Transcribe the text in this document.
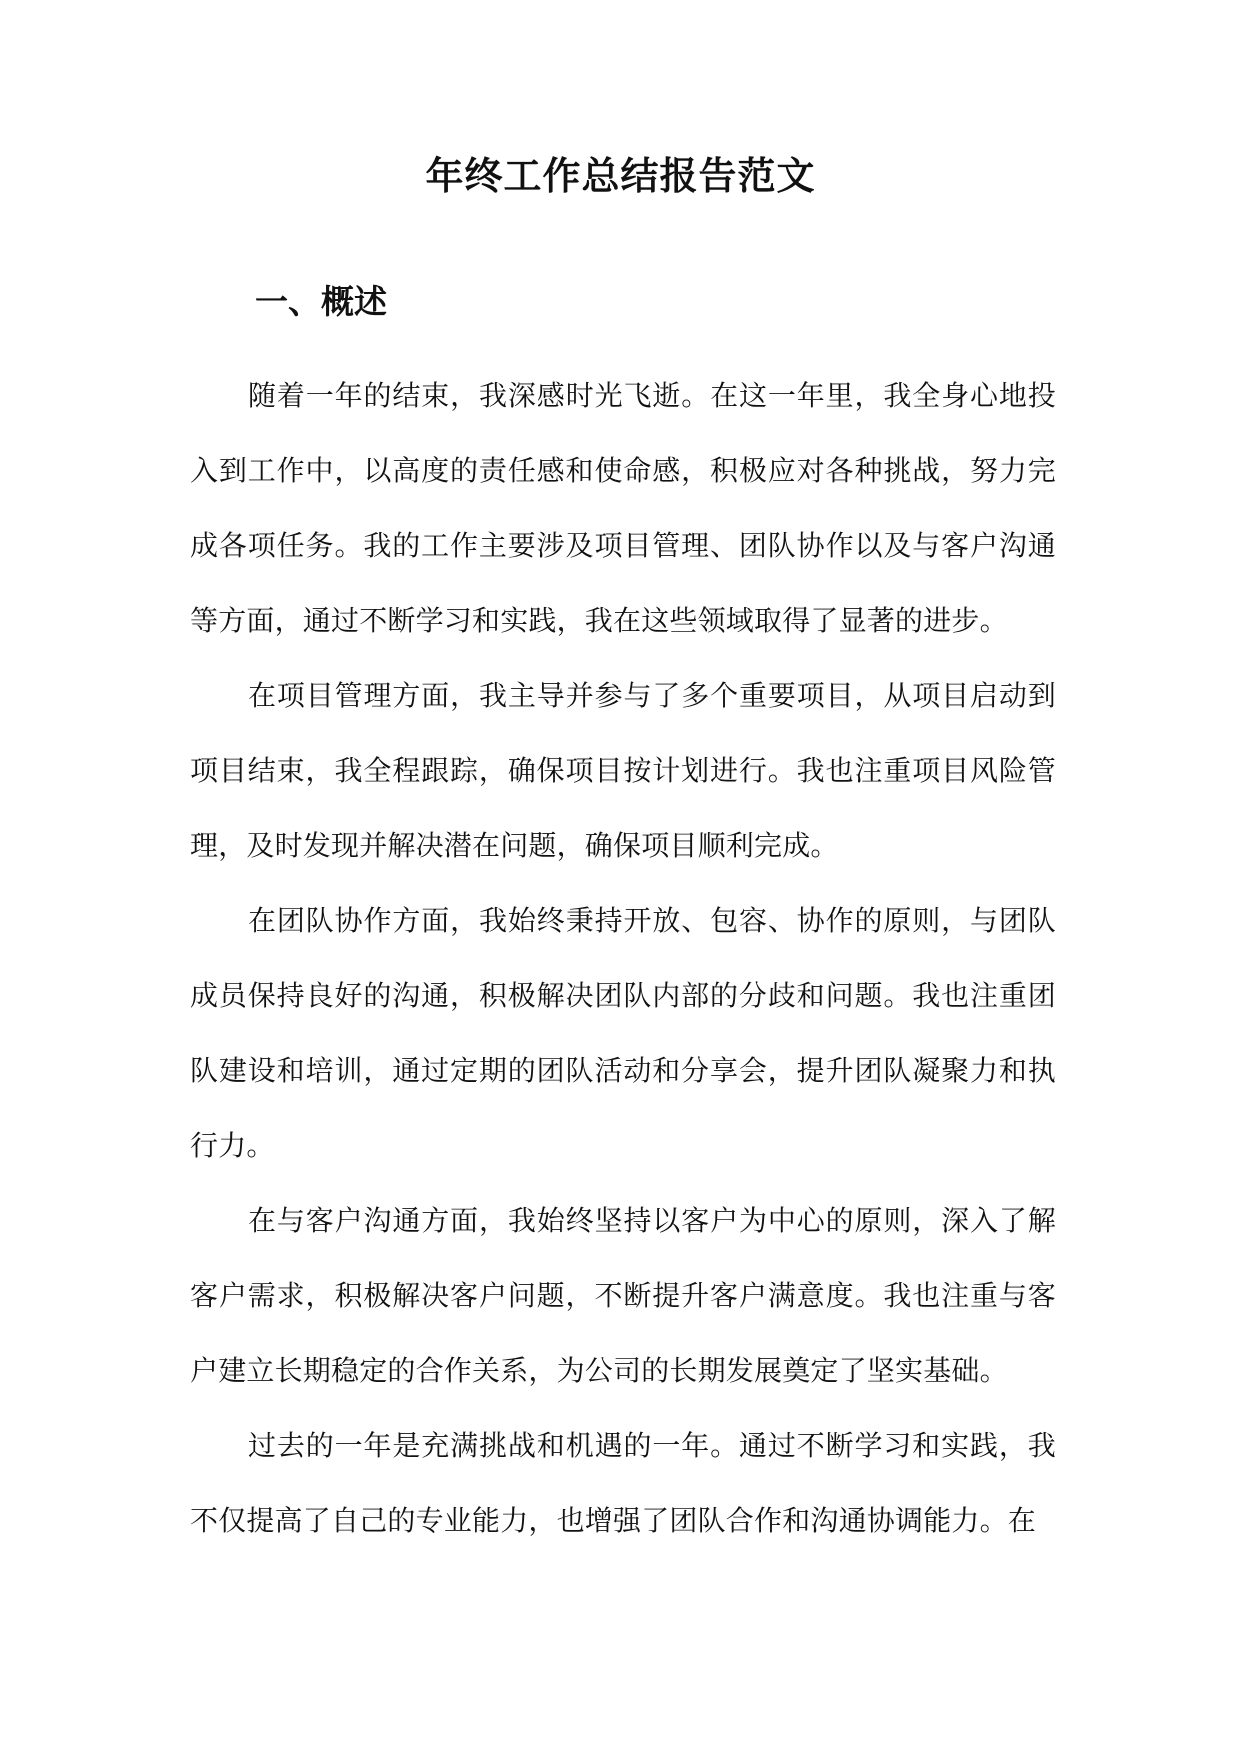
年终工作总结报告范文
一、概述

随着一年的结束，我深感时光飞逝。在这一年里，我全身心地投入到工作中，以高度的责任感和使命感，积极应对各种挑战，努力完成各项任务。我的工作主要涉及项目管理、团队协作以及与客户沟通等方面，通过不断学习和实践，我在这些领域取得了显著的进步。

在项目管理方面，我主导并参与了多个重要项目，从项目启动到项目结束，我全程跟踪，确保项目按计划进行。我也注重项目风险管理，及时发现并解决潜在问题，确保项目顺利完成。

在团队协作方面，我始终秉持开放、包容、协作的原则，与团队成员保持良好的沟通，积极解决团队内部的分歧和问题。我也注重团队建设和培训，通过定期的团队活动和分享会，提升团队凝聚力和执行力。

在与客户沟通方面，我始终坚持以客户为中心的原则，深入了解客户需求，积极解决客户问题，不断提升客户满意度。我也注重与客户建立长期稳定的合作关系，为公司的长期发展奠定了坚实基础。

过去的一年是充满挑战和机遇的一年。通过不断学习和实践，我不仅提高了自己的专业能力，也增强了团队合作和沟通协调能力。在
